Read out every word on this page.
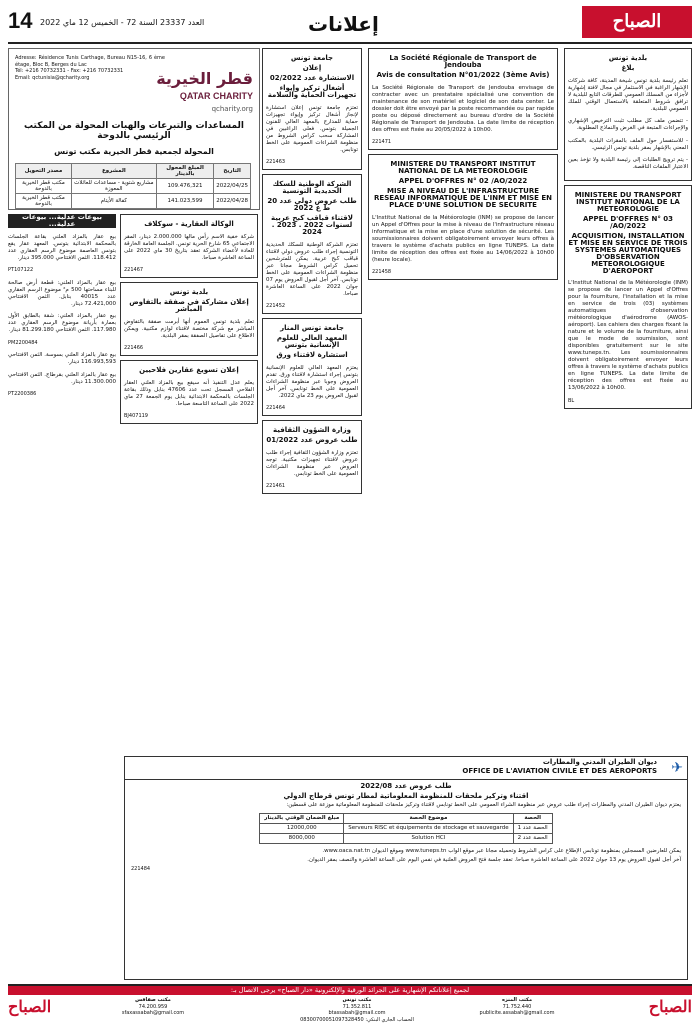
14 العدد 23337 السنة 72 - الخميس 12 ماي 2022	إعلانات	الصباح
بلدية تونس
بلاغ

تعلم رئيسة بلدية تونس شيخة المدينة، كافة شركات الإشهار الراغبة في الاستثمار في مجال لافتة إشهارية لأجزاء من المسلك العمومي للطرقات التابع للبلدية لا ترافق شروط المتعلقة بالاستعمال الوقتي للملك العمومي للبلدية.

- تتضمن ملف كل مطلب تثبت الترخيص الإشهاري والإجراءات المتبعة في الغرض والنماذج المطلوبة.

- للاستفسار حول الملف بالمقرات البلدية بالمكتب المعني بالإشهار بمقر بلدية تونس الرئيسي.

- يتم ترويج الطلبات إلى رئيسة البلدية ولا تؤخذ بعين الاعتبار الملفات الناقصة.

MINISTERE DU TRANSPORT INSTITUT NATIONAL DE LA METEOROLOGIE
APPEL D'OFFRES N° 03 /AO/2022
ACQUISITION, INSTALLATION ET MISE EN SERVICE DE TROIS SYSTEMES AUTOMATIQUES D'OBSERVATION METEOROLOGIQUE D'AEROPORT

L'Institut National de la Météorologie (INM) se propose de lancer un Appel d'Offres pour la fourniture, l'installation et la mise en service de trois (03) systèmes automatiques d'observation météorologique d'aérodrome (AWOS-aéroport). Les cahiers des charges fixant la nature et le volume de la fourniture, ainsi que le mode de soumission, sont disponibles gratuitement sur le site www.tuneps.tn. Les soumissionnaires doivent obligatoirement envoyer leurs offres à travers le système d'achats publics en ligne TUNEPS. La date limite de réception des offres est fixée au 13/06/2022 à 10h00.

BL
La Société Régionale de Transport de Jendouba
Avis de consultation N°01/2022 (3ème Avis)

La Société Régionale de Transport de Jendouba envisage de contracter avec un prestataire spécialisé une convention de maintenance de son matériel et logiciel de son data center. Le dossier doit être envoyé par la poste recommandée ou par rapide poste ou déposé directement au bureau d'ordre de la Société Régionale de Transport de Jendouba. La date limite de réception des offres est fixée au 20/05/2022 à 10h00.

221471
MINISTERE DU TRANSPORT INSTITUT NATIONAL DE LA METEOROLOGIE
APPEL D'OFFRES N° 02 /AO/2022
MISE A NIVEAU DE L'INFRASTRUCTURE RESEAU INFORMATIQUE DE L'INM ET MISE EN PLACE D'UNE SOLUTION DE SECURITE

L'Institut National de la Météorologie (INM) se propose de lancer un Appel d'Offres pour la mise à niveau de l'infrastructure réseau informatique et la mise en place d'une solution de sécurité. Les soumissionnaires doivent obligatoirement envoyer leurs offres à travers le système d'achats publics en ligne TUNEPS. La date limite de réception des offres est fixée au 14/06/2022 à 10h00 (heure locale).

221458
جامعة تونس
إعلان
الاستشارة عدد 02/2022
أشغال تركيز وإيواء تجهيزات الحماية والسلامة

تعتزم جامعة تونس إعلان استشارة لإنجاز أشغال تركيز وإيواء تجهيزات حماية للمدارج بالمعهد العالي للفنون الجميلة بتونس. فعلى الراغبين في المشاركة سحب كراس الشروط من منظومة الشراءات العمومية على الخط تونابس.

221463
الشركة الوطنية للسكك الحديدية التونسية
طلب عروض دولي عدد 20 ط ع 2022
لاقتناء قباقب كبح عربية لسنوات 2022 . 2023 . 2024

تعتزم الشركة الوطنية للسكك الحديدية التونسية إجراء طلب عروض دولي لاقتناء قباقب كبح عربية. يمكن للمترشحين تحميل كراس الشروط مجانا عبر منظومة الشراءات العمومية على الخط تونابس. آخر أجل لقبول العروض يوم 07 جوان 2022 على الساعة العاشرة صباحا.

221452
جامعة تونس المنار
المعهد العالي للعلوم الإنسانية بتونس
استشارة لاقتناء ورق

يعتزم المعهد العالي للعلوم الإنسانية بتونس إجراء استشارة لاقتناء ورق. تقدم العروض وجوبا عبر منظومة الشراءات العمومية على الخط تونابس. آخر أجل لقبول العروض يوم 23 ماي 2022.

221464
وزارة الشؤون الثقافية
طلب عروض عدد 01/2022

تعتزم وزارة الشؤون الثقافية إجراء طلب عروض لاقتناء تجهيزات مكتبية. توجه العروض عبر منظومة الشراءات العمومية على الخط تونابس.

221461
Adresse: Résidence Tunis Carthage, Bureau N15-16, 6 ème étage, Bloc B, Berges du Lac
Tél: +216 70732331 - Fax: +216 70732331
Email: qctunisia@qcharity.org	قطر الخيرية
QATAR CHARITY
qcharity.org
المساعدات والتبرعات والهبات المحولة من المكتب الرئيسي بالدوحة
المحولة لجمعية قطر الخيرية مكتب تونس
التاريخ	المبلغ المحول بالدينار	المشروع	مصدر التحويل
2022/04/25	109.476,321	مشاريع شتوية - مساعدات للعائلات المعوزة	مكتب قطر الخيرية بالدوحة
2022/04/28	141.023,599	كفالة الأيتام	مكتب قطر الخيرية بالدوحة
الوكالة العقارية - سوكلاف

شركة خفية الاسم رأس مالها 2.000.000 دينار، المقر الاجتماعي 65 شارع الحرية تونس. الجلسة العامة الخارقة للعادة لأعضاء الشركة تعقد بتاريخ 30 ماي 2022 على الساعة العاشرة صباحا.

221467
بلدية تونس
إعلان مشاركة في صفقة بالتفاوض المباشر

تعلم بلدية تونس العموم أنها أبرمت صفقة بالتفاوض المباشر مع شركة مختصة لاقتناء لوازم مكتبية. ويمكن الاطلاع على تفاصيل الصفقة بمقر البلدية.

221466
إعلان تسويغ عقارين فلاحيين

يعلم عدل التنفيذ أنه سيقع بيع بالمزاد العلني العقار الفلاحي المسجل تحت عدد 47606 بنابل وذلك بقاعة الجلسات بالمحكمة الابتدائية بنابل يوم الجمعة 27 ماي 2022 على الساعة التاسعة صباحا.

BJ407119
بيوعات عدلية... بيوعات عدلية...

بيع عقار بالمزاد العلني بقاعة الجلسات بالمحكمة الابتدائية بتونس. المعهد عقار يقع بتونس العاصمة موضوع الرسم العقاري عدد 118.412. الثمن الافتتاحي 395.000 دينار.

PT107122

بيع عقار بالمزاد العلني: قطعة أرض صالحة للبناء مساحتها 500 م² موضوع الرسم العقاري عدد 40015 بنابل. الثمن الافتتاحي 72.421,000 دينار.

بيع عقار بالمزاد العلني: شقة بالطابق الأول بعمارة بأريانة موضوع الرسم العقاري عدد 117.980. الثمن الافتتاحي 81.299.180 دينار.

PM2200484

بيع عقار بالمزاد العلني بسوسة. الثمن الافتتاحي 116.993,593 دينار.

بيع عقار بالمزاد العلني بقرطاج. الثمن الافتتاحي 11.300.000 دينار.

PT2200386
✈
ديوان الطيران المدني والمطارات
OFFICE DE L'AVIATION CIVILE ET DES AEROPORTS
طلب عروض عدد 2022/08
اقتناء وتركيز ملحقات للمنظومة المعلوماتية لمطار تونس قرطاج الدولي

يعتزم ديوان الطيران المدني والمطارات إجراء طلب عروض عبر منظومة الشراء العمومي على الخط تونابس لاقتناء وتركيز ملحقات للمنظومة المعلوماتية موزعة على قسطين:

الحصة	موضوع الحصة	مبلغ الضمان الوقتي بالدينار
الحصة عدد 1	Serveurs RISC et équipements de stockage et sauvegarde	12000,000
الحصة عدد 2	Solution HCI	8000,000

يمكن للعارضين المسجلين بمنظومة تونابس الإطلاع على كراس الشروط وتحميله مجانا عبر موقع الواب www.tuneps.tn وموقع الديوان www.oaca.nat.tn.

آخر أجل لقبول العروض يوم 13 جوان 2022 على الساعة العاشرة صباحا. تعقد جلسة فتح العروض العلنية في نفس اليوم على الساعة العاشرة والنصف بمقر الديوان.

221484
لجميع إعلاناتكم الإشهارية على الجرائد الورقية والإلكترونية «دار الصباح» يرجى الاتصال بـ:
الصباح
الصباح	مكتب المنزه
71.752.440
publicite.assabah@gmail.com
مكتب تونس
71.352.811
btassabah@gmail.com
الحساب الجاري البنكي: 08300700051097328450
مكتب صفاقس
74.200.959
sfaxassabah@gmail.com
